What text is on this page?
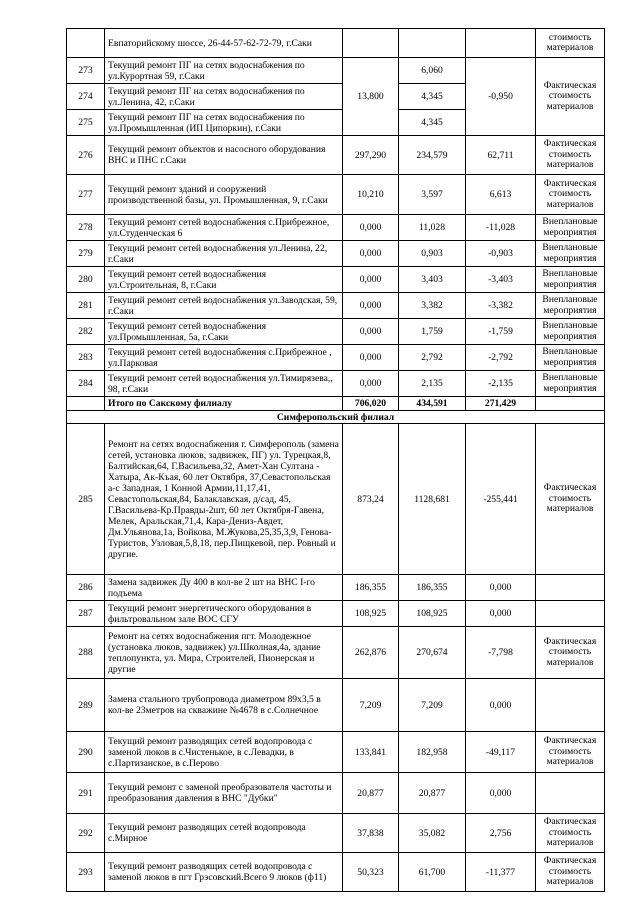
	Евпаторийскому шоссе, 26-44-57-62-72-79, г.Саки				стоимость материалов
273	Текущий ремонт ПГ на сетях водоснабжения по ул.Курортная 59, г.Саки	13,800	6,060	-0,950	Фактическая стоимость материалов
274	Текущий ремонт ПГ на сетях водоснабжения по ул.Ленина, 42, г.Саки		4,345		
275	Текущий ремонт ПГ на сетях водоснабжения по ул.Промышленная (ИП Ципоркин), г.Саки		4,345		
276	Текущий ремонт объектов и насосного оборудования ВНС и ПНС г.Саки	297,290	234,579	62,711	Фактическая стоимость материалов
277	Текущий ремонт зданий и сооружений производственной базы, ул. Промышленная, 9, г.Саки	10,210	3,597	6,613	Фактическая стоимость материалов
278	Текущий ремонт сетей водоснабжения с.Прибрежное, ул.Студенческая 6	0,000	11,028	-11,028	Внеплановые мероприятия
279	Текущий ремонт сетей водоснабжения ул.Ленина, 22, г.Саки	0,000	0,903	-0,903	Внеплановые мероприятия
280	Текущий ремонт сетей водоснабжения ул.Строительная, 8, г.Саки	0,000	3,403	-3,403	Внеплановые мероприятия
281	Текущий ремонт сетей водоснабжения ул.Заводская, 59, г.Саки	0,000	3,382	-3,382	Внеплановые мероприятия
282	Текущий ремонт сетей водоснабжения ул.Промышленная, 5а, г.Саки	0,000	1,759	-1,759	Внеплановые мероприятия
283	Текущий ремонт сетей водоснабжения с.Прибрежное , ул.Парковая	0,000	2,792	-2,792	Внеплановые мероприятия
284	Текущий ремонт сетей водоснабжения ул.Тимирязева,, 98, г.Саки	0,000	2,135	-2,135	Внеплановые мероприятия
	Итого по Сакскому филиалу	706,020	434,591	271,429	
Симферопольский филиал					
285	Ремонт на сетях водоснабжения г. Симферополь (замена сетей, установка люков, задвижек, ПГ) ул. Турецкая,8, Балтийская,64, Г.Васильева,32, Амет-Хан Султана - Хатыра, Ак-Къая, 60 лет Октября, 37,Севастопольская а-с Западная, 1 Конной Армии,11,17,41, Севастопольская,84, Балаклавская, д/сад, 45, Г.Васильева-Кр.Правды-2шт, 60 лет Октября-Гавена, Мелек, Аральская,71,4, Кара-Дениз-Авдет, Дм.Ульянова,1а, Войкова, М.Жукова,25,35,3,9, Генова-Туристов, Узловая,5,8,18, пер.Пищкевой, пер. Ровный и другие.	873,24	1128,681	-255,441	Фактическая стоимость материалов
286	Замена задвижек Ду 400 в кол-ве 2 шт на ВНС I-го подъема	186,355	186,355	0,000	
287	Текущий ремонт энергетического оборудования в фильтровальном зале ВОС СГУ	108,925	108,925	0,000	
288	Ремонт на сетях водоснабжения пгт. Молодежное (установка люков, задвижек) ул.Школная,4а, здание теплопункта, ул. Мира, Строителей, Пионерская и другие	262,876	270,674	-7,798	Фактическая стоимость материалов
289	Замена стального трубопровода диаметром 89х3,5 в кол-ве 23метров на скважине №4678 в с.Солнечное	7,209	7,209	0,000	
290	Текущий ремонт разводящих сетей водопровода с заменой люков в с.Чистенькое, в с.Левадки, в с.Партизанское, в с.Перово	133,841	182,958	-49,117	Фактическая стоимость материалов
291	Текущий ремонт с заменой преобразователя частоты и преобразования давления в ВНС "Дубки"	20,877	20,877	0,000	
292	Текущий ремонт разводящих сетей водопровода с.Мирное	37,838	35,082	2,756	Фактическая стоимость материалов
293	Текущий ремонт разводящих сетей водопровода с заменой люков в пгт Грэсовский.Всего 9 люков (ф11)	50,323	61,700	-11,377	Фактическая стоимость материалов
